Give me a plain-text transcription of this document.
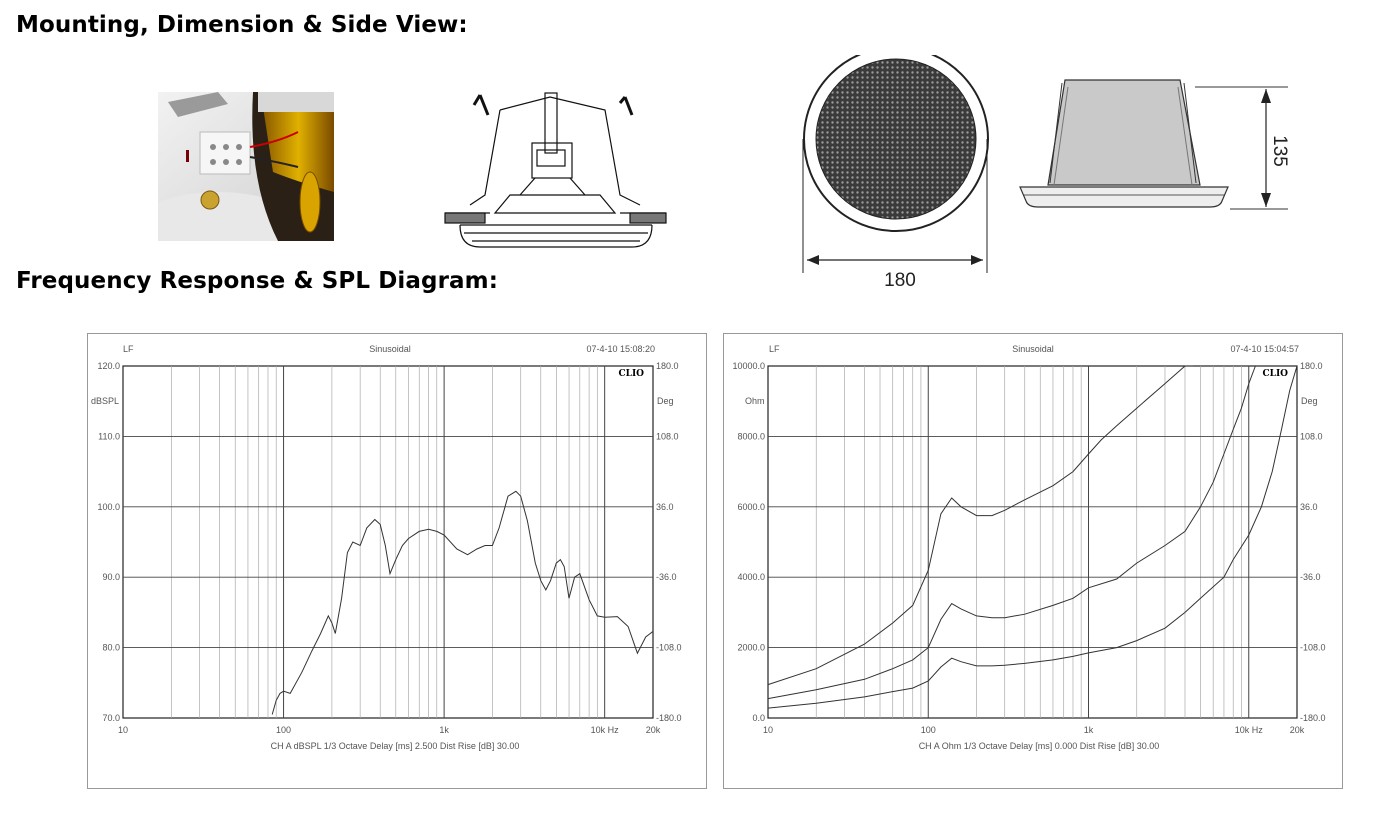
Mounting, Dimension & Side View:
Frequency Response & SPL Diagram:	180
135
LF	Sinusoidal	07-4-10 15:08:20
dBSPL	Deg
CH A dBSPL 1/3 Octave Delay [ms] 2.500 Dist Rise [dB] 30.00
120.0	180.0
110.0	108.0
100.0	36.0
90.0	-36.0
80.0	-108.0
70.0	-180.0
10	100	1k	10k Hz	20k
CLIO
LF	Sinusoidal	07-4-10 15:04:57
Ohm	Deg
CH A Ohm 1/3 Octave Delay [ms] 0.000 Dist Rise [dB] 30.00
10000.0	180.0
8000.0	108.0
6000.0	36.0
4000.0	-36.0
2000.0	-108.0
0.0	-180.0
10	100	1k	10k Hz	20k
CLIO
